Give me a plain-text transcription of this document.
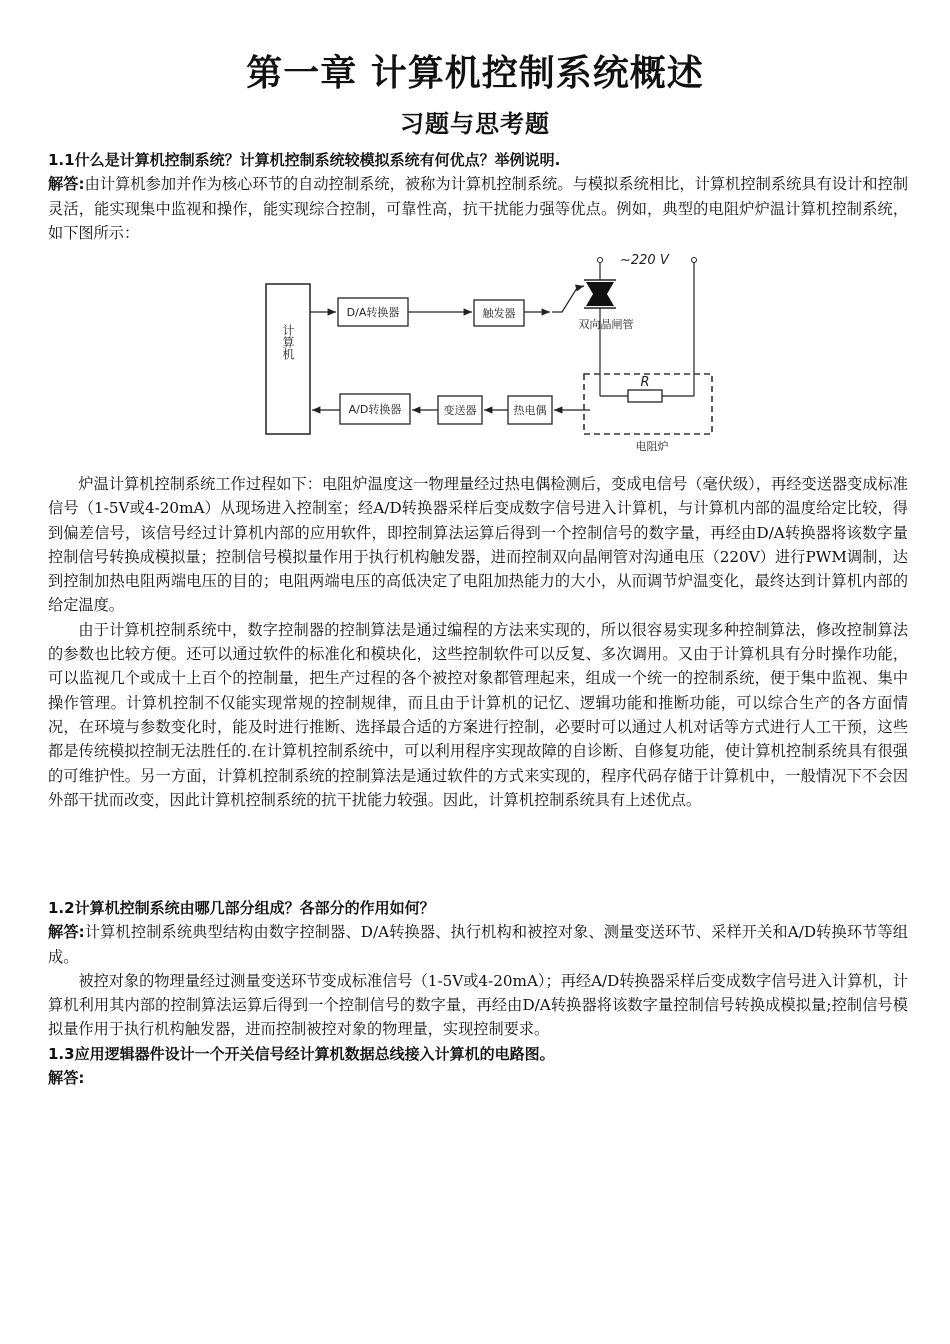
第一章 计算机控制系统概述
习题与思考题

1.1什么是计算机控制系统？计算机控制系统较模拟系统有何优点？举例说明.

解答:由计算机参加并作为核心环节的自动控制系统，被称为计算机控制系统。与模拟系统相比，计算机控制系统具有设计和控制灵活，能实现集中监视和操作，能实现综合控制，可靠性高，抗干扰能力强等优点。例如，典型的电阻炉炉温计算机控制系统，如下图所示：

计算机
D/A转换器	触发器
~220 V
双向晶闸管
R
电阻炉
热电偶
变送器
A/D转换器

炉温计算机控制系统工作过程如下：电阻炉温度这一物理量经过热电偶检测后，变成电信号（毫伏级），再经变送器变成标准信号（1-5V或4-20mA）从现场进入控制室；经A/D转换器采样后变成数字信号进入计算机，与计算机内部的温度给定比较，得到偏差信号，该信号经过计算机内部的应用软件，即控制算法运算后得到一个控制信号的数字量，再经由D/A转换器将该数字量控制信号转换成模拟量；控制信号模拟量作用于执行机构触发器，进而控制双向晶闸管对沟通电压（220V）进行PWM调制，达到控制加热电阻两端电压的目的；电阻两端电压的高低决定了电阻加热能力的大小，从而调节炉温变化，最终达到计算机内部的给定温度。

由于计算机控制系统中，数字控制器的控制算法是通过编程的方法来实现的，所以很容易实现多种控制算法，修改控制算法的参数也比较方便。还可以通过软件的标准化和模块化，这些控制软件可以反复、多次调用。又由于计算机具有分时操作功能，可以监视几个或成十上百个的控制量，把生产过程的各个被控对象都管理起来，组成一个统一的控制系统，便于集中监视、集中操作管理。计算机控制不仅能实现常规的控制规律，而且由于计算机的记忆、逻辑功能和推断功能，可以综合生产的各方面情况，在环境与参数变化时，能及时进行推断、选择最合适的方案进行控制，必要时可以通过人机对话等方式进行人工干预，这些都是传统模拟控制无法胜任的.在计算机控制系统中，可以利用程序实现故障的自诊断、自修复功能，使计算机控制系统具有很强的可维护性。另一方面，计算机控制系统的控制算法是通过软件的方式来实现的，程序代码存储于计算机中，一般情况下不会因外部干扰而改变，因此计算机控制系统的抗干扰能力较强。因此，计算机控制系统具有上述优点。

1.2计算机控制系统由哪几部分组成？各部分的作用如何？

解答:计算机控制系统典型结构由数字控制器、D/A转换器、执行机构和被控对象、测量变送环节、采样开关和A/D转换环节等组成。

被控对象的物理量经过测量变送环节变成标准信号（1-5V或4-20mA）；再经A/D转换器采样后变成数字信号进入计算机，计算机利用其内部的控制算法运算后得到一个控制信号的数字量，再经由D/A转换器将该数字量控制信号转换成模拟量;控制信号模拟量作用于执行机构触发器，进而控制被控对象的物理量，实现控制要求。

1.3应用逻辑器件设计一个开关信号经计算机数据总线接入计算机的电路图。

解答:
